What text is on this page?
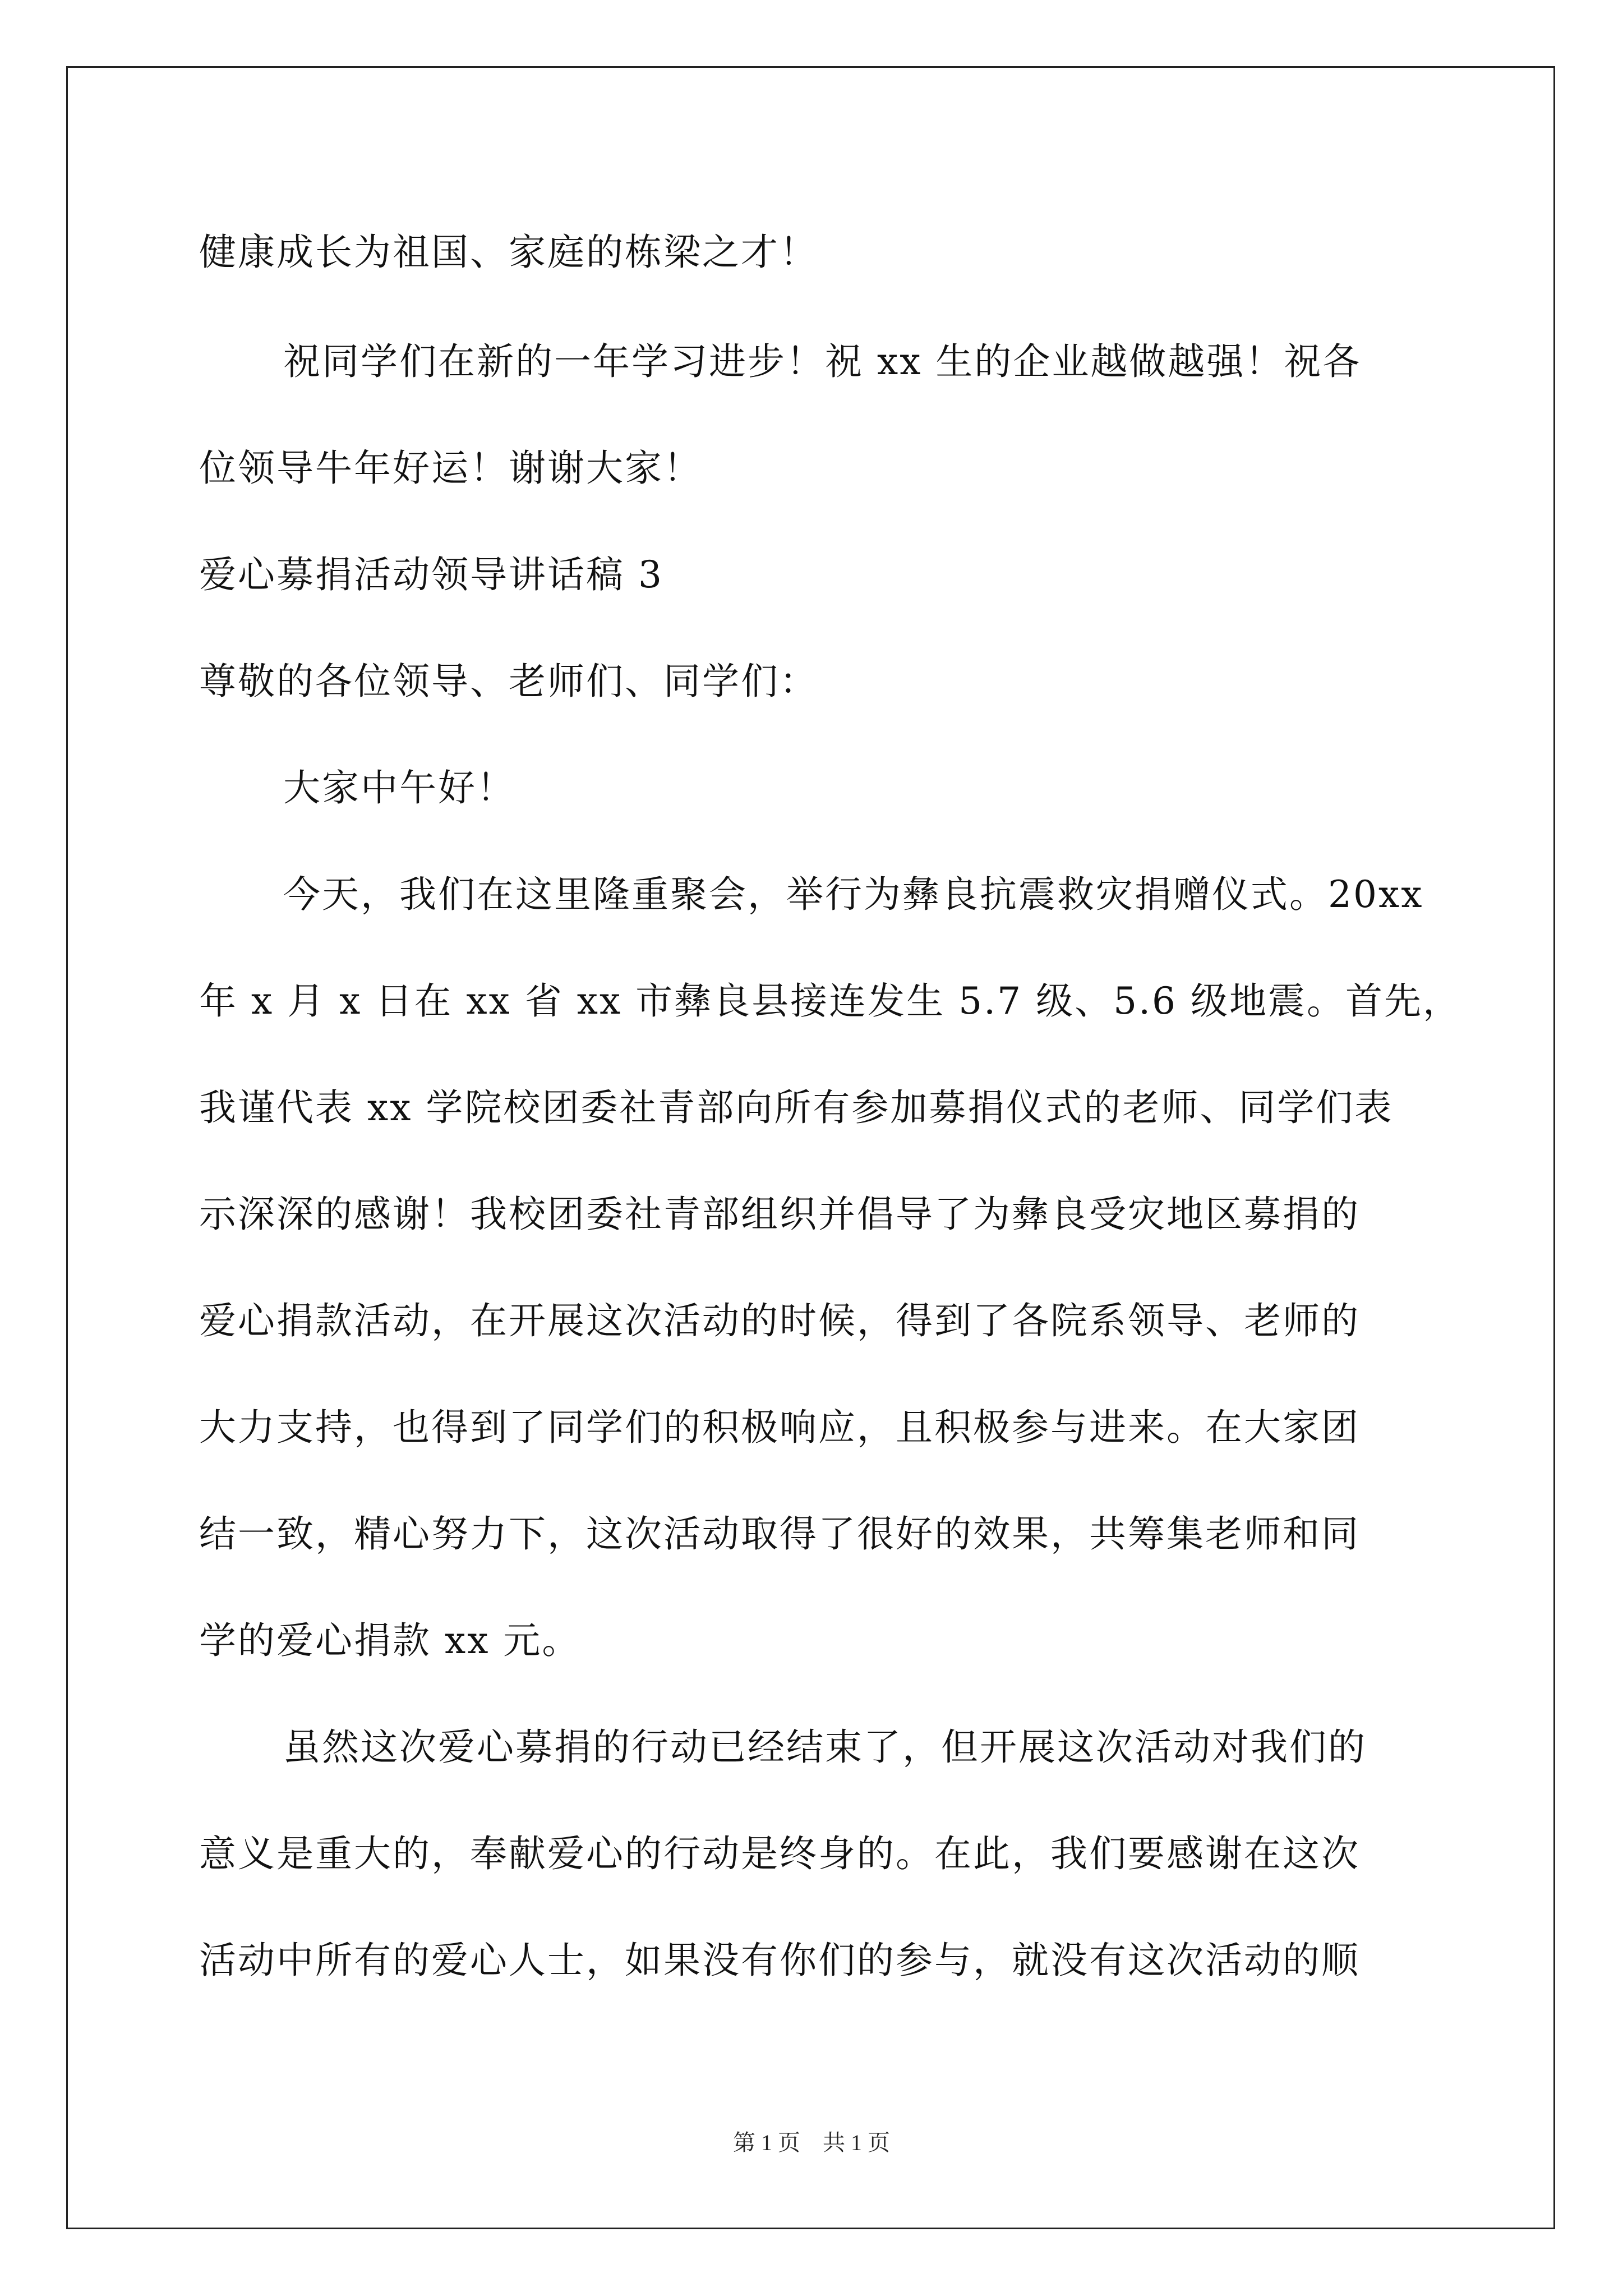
健康成长为祖国、家庭的栋梁之才！
祝同学们在新的一年学习进步！祝 xx 生的企业越做越强！祝各
位领导牛年好运！谢谢大家！
爱心募捐活动领导讲话稿 3
尊敬的各位领导、老师们、同学们：
大家中午好！
今天，我们在这里隆重聚会，举行为彝良抗震救灾捐赠仪式。20xx
年 x 月 x 日在 xx 省 xx 市彝良县接连发生 5.7 级、5.6 级地震。首先，
我谨代表 xx 学院校团委社青部向所有参加募捐仪式的老师、同学们表
示深深的感谢！我校团委社青部组织并倡导了为彝良受灾地区募捐的
爱心捐款活动，在开展这次活动的时候，得到了各院系领导、老师的
大力支持，也得到了同学们的积极响应，且积极参与进来。在大家团
结一致，精心努力下，这次活动取得了很好的效果，共筹集老师和同
学的爱心捐款 xx 元。
虽然这次爱心募捐的行动已经结束了，但开展这次活动对我们的
意义是重大的，奉献爱心的行动是终身的。在此，我们要感谢在这次
活动中所有的爱心人士，如果没有你们的参与，就没有这次活动的顺
第 1 页　共 1 页
